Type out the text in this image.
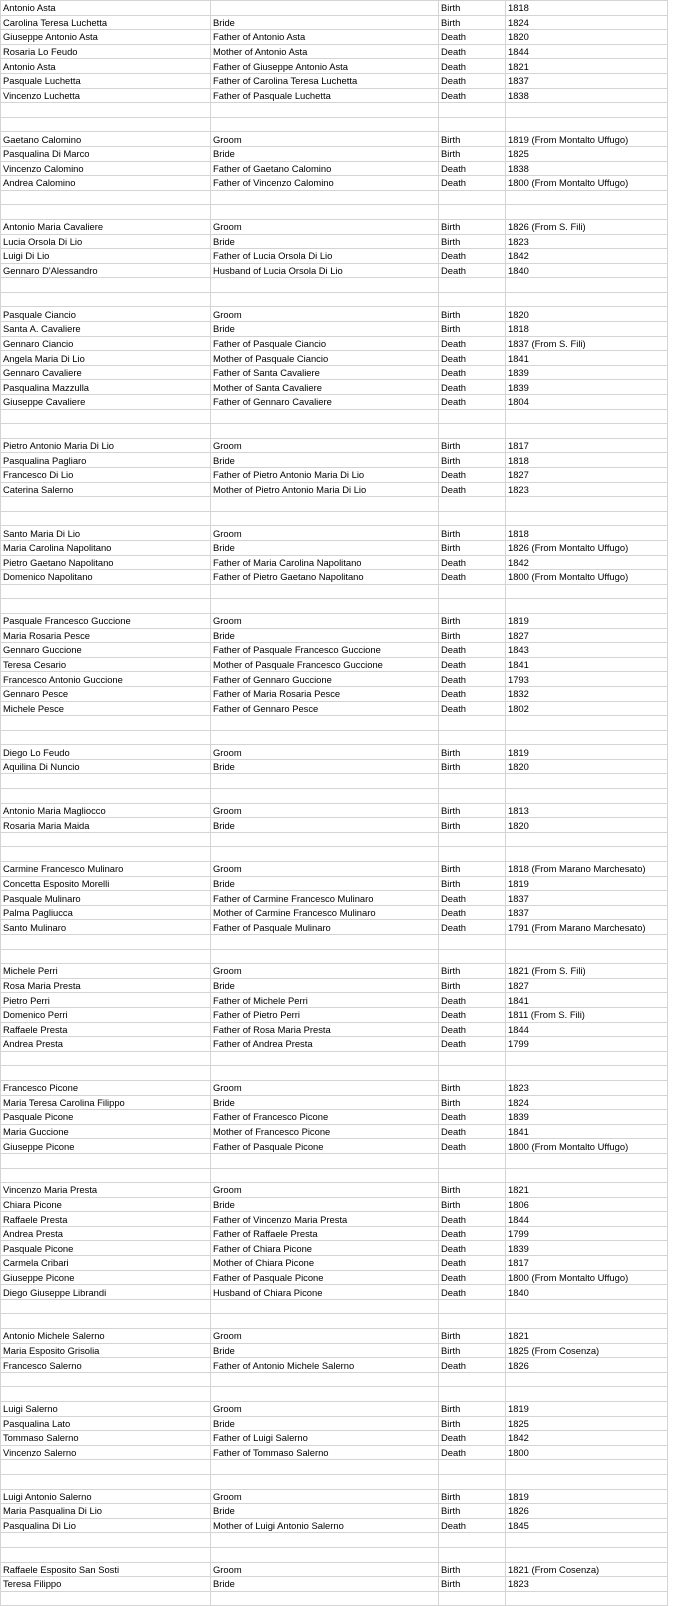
Antonio Asta		Birth	1818
Carolina Teresa Luchetta	Bride	Birth	1824
Giuseppe Antonio Asta	Father of Antonio Asta	Death	1820
Rosaria Lo Feudo	Mother of Antonio Asta	Death	1844
Antonio Asta	Father of Giuseppe Antonio Asta	Death	1821
Pasquale Luchetta	Father of Carolina Teresa Luchetta	Death	1837
Vincenzo Luchetta	Father of Pasquale Luchetta	Death	1838

Gaetano Calomino	Groom	Birth	1819 (From Montalto Uffugo)
Pasqualina Di Marco	Bride	Birth	1825
Vincenzo Calomino	Father of Gaetano Calomino	Death	1838
Andrea Calomino	Father of Vincenzo Calomino	Death	1800 (From Montalto Uffugo)

Antonio Maria Cavaliere	Groom	Birth	1826 (From S. Fili)
Lucia Orsola Di Lio	Bride	Birth	1823
Luigi Di Lio	Father of Lucia Orsola Di Lio	Death	1842
Gennaro D'Alessandro	Husband of Lucia Orsola Di Lio	Death	1840

Pasquale Ciancio	Groom	Birth	1820
Santa A. Cavaliere	Bride	Birth	1818
Gennaro Ciancio	Father of Pasquale Ciancio	Death	1837 (From S. Fili)
Angela Maria Di Lio	Mother of Pasquale Ciancio	Death	1841
Gennaro Cavaliere	Father of Santa Cavaliere	Death	1839
Pasqualina Mazzulla	Mother of Santa Cavaliere	Death	1839
Giuseppe Cavaliere	Father of Gennaro Cavaliere	Death	1804

Pietro Antonio Maria Di Lio	Groom	Birth	1817
Pasqualina Pagliaro	Bride	Birth	1818
Francesco Di Lio	Father of Pietro Antonio Maria Di Lio	Death	1827
Caterina Salerno	Mother of Pietro Antonio Maria Di Lio	Death	1823

Santo Maria Di Lio	Groom	Birth	1818
Maria Carolina Napolitano	Bride	Birth	1826 (From Montalto Uffugo)
Pietro Gaetano Napolitano	Father of Maria Carolina Napolitano	Death	1842
Domenico Napolitano	Father of Pietro Gaetano Napolitano	Death	1800 (From Montalto Uffugo)

Pasquale Francesco Guccione	Groom	Birth	1819
Maria Rosaria Pesce	Bride	Birth	1827
Gennaro Guccione	Father of Pasquale Francesco Guccione	Death	1843
Teresa Cesario	Mother of Pasquale Francesco Guccione	Death	1841
Francesco Antonio Guccione	Father of Gennaro Guccione	Death	1793
Gennaro Pesce	Father of Maria Rosaria Pesce	Death	1832
Michele Pesce	Father of Gennaro Pesce	Death	1802

Diego Lo Feudo	Groom	Birth	1819
Aquilina Di Nuncio	Bride	Birth	1820

Antonio Maria Magliocco	Groom	Birth	1813
Rosaria Maria Maida	Bride	Birth	1820

Carmine Francesco Mulinaro	Groom	Birth	1818 (From Marano Marchesato)
Concetta Esposito Morelli	Bride	Birth	1819
Pasquale Mulinaro	Father of Carmine Francesco Mulinaro	Death	1837
Palma Pagliucca	Mother of Carmine Francesco Mulinaro	Death	1837
Santo Mulinaro	Father of Pasquale Mulinaro	Death	1791 (From Marano Marchesato)

Michele Perri	Groom	Birth	1821 (From S. Fili)
Rosa Maria Presta	Bride	Birth	1827
Pietro Perri	Father of Michele Perri	Death	1841
Domenico Perri	Father of Pietro Perri	Death	1811 (From S. Fili)
Raffaele Presta	Father of Rosa Maria Presta	Death	1844
Andrea Presta	Father of Andrea Presta	Death	1799

Francesco Picone	Groom	Birth	1823
Maria Teresa Carolina Filippo	Bride	Birth	1824
Pasquale Picone	Father of Francesco Picone	Death	1839
Maria Guccione	Mother of Francesco Picone	Death	1841
Giuseppe Picone	Father of Pasquale Picone	Death	1800 (From Montalto Uffugo)

Vincenzo Maria Presta	Groom	Birth	1821
Chiara Picone	Bride	Birth	1806
Raffaele Presta	Father of Vincenzo Maria Presta	Death	1844
Andrea Presta	Father of Raffaele Presta	Death	1799
Pasquale Picone	Father of Chiara Picone	Death	1839
Carmela Cribari	Mother of Chiara Picone	Death	1817
Giuseppe Picone	Father of Pasquale Picone	Death	1800 (From Montalto Uffugo)
Diego Giuseppe Librandi	Husband of Chiara Picone	Death	1840

Antonio Michele Salerno	Groom	Birth	1821
Maria Esposito Grisolia	Bride	Birth	1825 (From Cosenza)
Francesco Salerno	Father of Antonio Michele Salerno	Death	1826

Luigi Salerno	Groom	Birth	1819
Pasqualina Lato	Bride	Birth	1825
Tommaso Salerno	Father of Luigi Salerno	Death	1842
Vincenzo Salerno	Father of Tommaso Salerno	Death	1800

Luigi Antonio Salerno	Groom	Birth	1819
Maria Pasqualina Di Lio	Bride	Birth	1826
Pasqualina Di Lio	Mother of Luigi Antonio Salerno	Death	1845

Raffaele Esposito San Sosti	Groom	Birth	1821 (From Cosenza)
Teresa Filippo	Bride	Birth	1823
